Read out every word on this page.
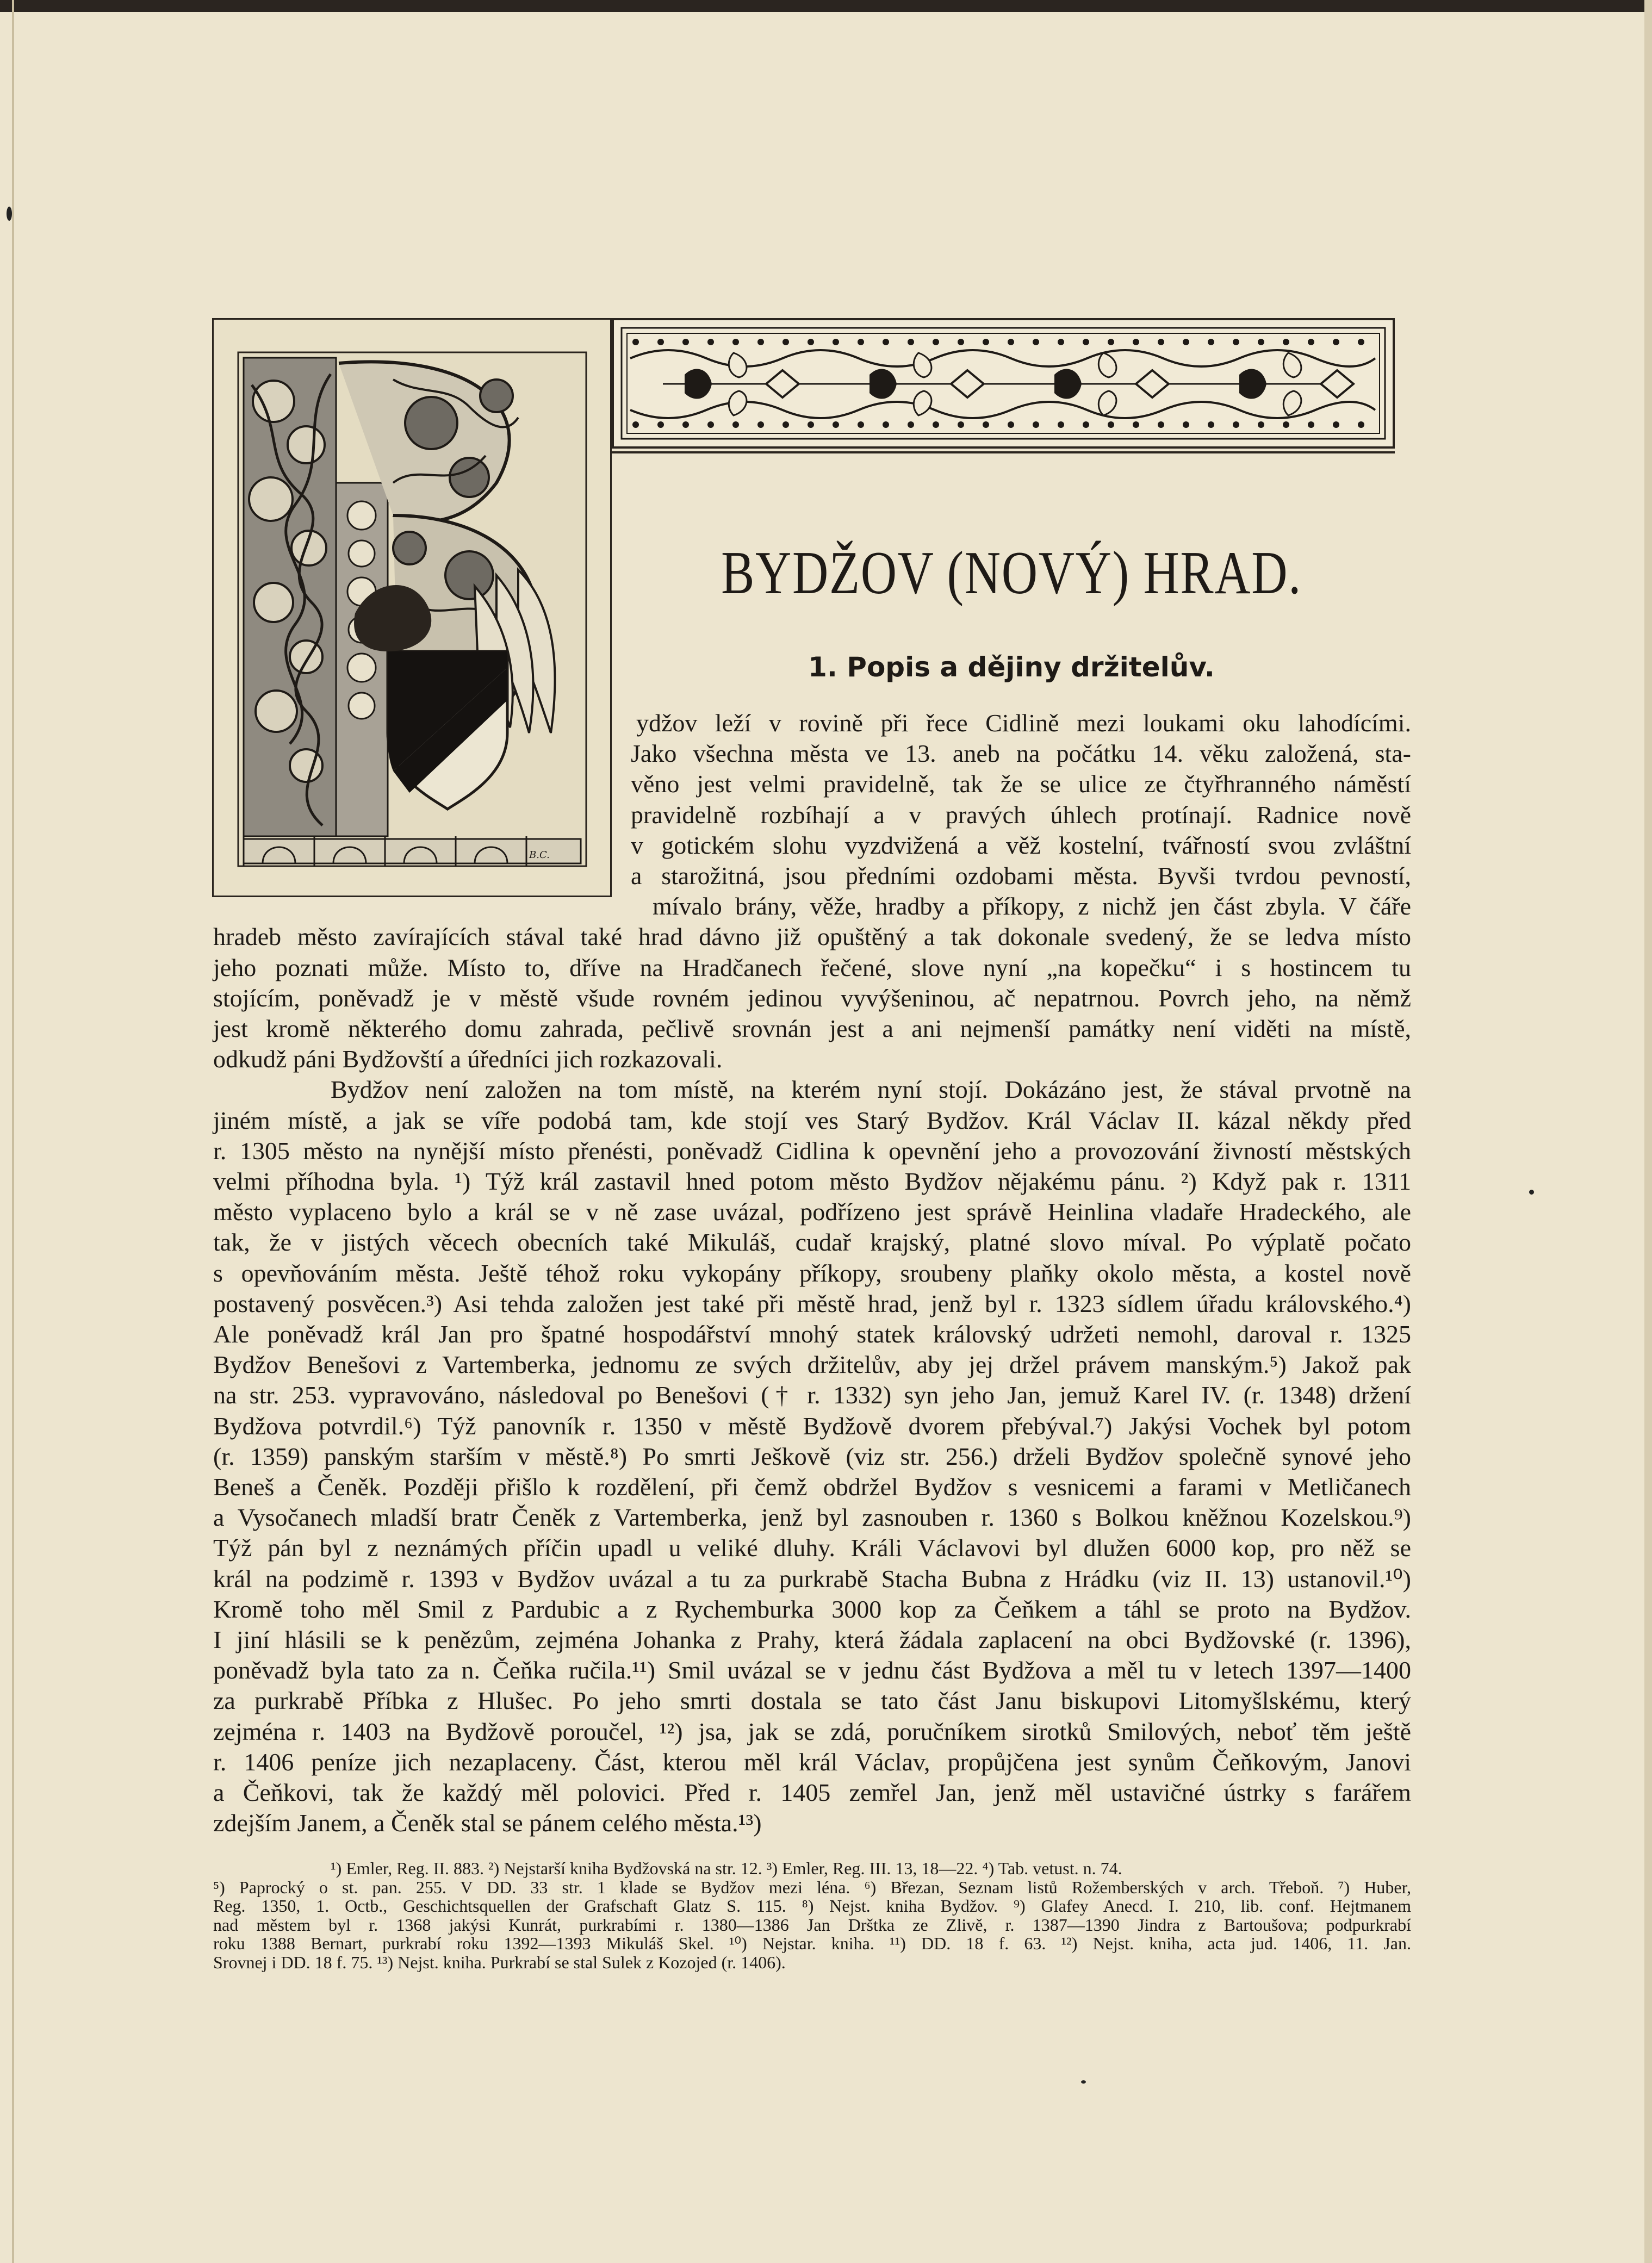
B.C.
BYDŽOV (NOVÝ) HRAD.
1. Popis a dějiny držitelův.

ydžov leží v rovině při řece Cidlině mezi loukami oku lahodícími.

Jako všechna města ve 13. aneb na počátku 14. věku založená, sta-

věno jest velmi pravidelně, tak že se ulice ze čtyřhranného náměstí

pravidelně rozbíhají a v pravých úhlech protínají. Radnice nově

v gotickém slohu vyzdvižená a věž kostelní, tvářností svou zvláštní

a starožitná, jsou předními ozdobami města. Byvši tvrdou pevností,

mívalo brány, věže, hradby a příkopy, z nichž jen část zbyla. V čáře

hradeb město zavírajících stával také hrad dávno již opuštěný a tak dokonale svedený, že se ledva místo

jeho poznati může. Místo to, dříve na Hradčanech řečené, slove nyní „na kopečku“ i s hostincem tu

stojícím, poněvadž je v městě všude rovném jedinou vyvýšeninou, ač nepatrnou. Povrch jeho, na němž

jest kromě některého domu zahrada, pečlivě srovnán jest a ani nejmenší památky není viděti na místě,

odkudž páni Bydžovští a úředníci jich rozkazovali.

Bydžov není založen na tom místě, na kterém nyní stojí. Dokázáno jest, že stával prvotně na

jiném místě, a jak se víře podobá tam, kde stojí ves Starý Bydžov. Král Václav II. kázal někdy před

r. 1305 město na nynější místo přenésti, poněvadž Cidlina k opevnění jeho a provozování živností městských

velmi příhodna byla. ¹) Týž král zastavil hned potom město Bydžov nějakému pánu. ²) Když pak r. 1311

město vyplaceno bylo a král se v ně zase uvázal, podřízeno jest správě Heinlina vladaře Hradeckého, ale

tak, že v jistých věcech obecních také Mikuláš, cudař krajský, platné slovo míval. Po výplatě počato

s opevňováním města. Ještě téhož roku vykopány příkopy, sroubeny plaňky okolo města, a kostel nově

postavený posvěcen.³) Asi tehda založen jest také při městě hrad, jenž byl r. 1323 sídlem úřadu královského.⁴)

Ale poněvadž král Jan pro špatné hospodářství mnohý statek královský udržeti nemohl, daroval r. 1325

Bydžov Benešovi z Vartemberka, jednomu ze svých držitelův, aby jej držel právem manským.⁵) Jakož pak

na str. 253. vypravováno, následoval po Benešovi († r. 1332) syn jeho Jan, jemuž Karel IV. (r. 1348) držení

Bydžova potvrdil.⁶) Týž panovník r. 1350 v městě Bydžově dvorem přebýval.⁷) Jakýsi Vochek byl potom

(r. 1359) panským starším v městě.⁸) Po smrti Ješkově (viz str. 256.) drželi Bydžov společně synové jeho

Beneš a Čeněk. Později přišlo k rozdělení, při čemž obdržel Bydžov s vesnicemi a farami v Metličanech

a Vysočanech mladší bratr Čeněk z Vartemberka, jenž byl zasnouben r. 1360 s Bolkou kněžnou Kozelskou.⁹)

Týž pán byl z neznámých příčin upadl u veliké dluhy. Králi Václavovi byl dlužen 6000 kop, pro něž se

král na podzimě r. 1393 v Bydžov uvázal a tu za purkrabě Stacha Bubna z Hrádku (viz II. 13) ustanovil.¹⁰)

Kromě toho měl Smil z Pardubic a z Rychemburka 3000 kop za Čeňkem a táhl se proto na Bydžov.

I jiní hlásili se k penězům, zejména Johanka z Prahy, která žádala zaplacení na obci Bydžovské (r. 1396),

poněvadž byla tato za n. Čeňka ručila.¹¹) Smil uvázal se v jednu část Bydžova a měl tu v letech 1397—1400

za purkrabě Příbka z Hlušec. Po jeho smrti dostala se tato část Janu biskupovi Litomyšlskému, který

zejména r. 1403 na Bydžově poroučel, ¹²) jsa, jak se zdá, poručníkem sirotků Smilových, neboť těm ještě

r. 1406 peníze jich nezaplaceny. Část, kterou měl král Václav, propůjčena jest synům Čeňkovým, Janovi

a Čeňkovi, tak že každý měl polovici. Před r. 1405 zemřel Jan, jenž měl ustavičné ústrky s farářem

zdejším Janem, a Čeněk stal se pánem celého města.¹³)

¹) Emler, Reg. II. 883. ²) Nejstarší kniha Bydžovská na str. 12. ³) Emler, Reg. III. 13, 18—22. ⁴) Tab. vetust. n. 74.

⁵) Paprocký o st. pan. 255. V DD. 33 str. 1 klade se Bydžov mezi léna. ⁶) Březan, Seznam listů Rožemberských v arch. Třeboň. ⁷) Huber,

Reg. 1350, 1. Octb., Geschichtsquellen der Grafschaft Glatz S. 115. ⁸) Nejst. kniha Bydžov. ⁹) Glafey Anecd. I. 210, lib. conf. Hejtmanem

nad městem byl r. 1368 jakýsi Kunrát, purkrabími r. 1380—1386 Jan Drštka ze Zlivě, r. 1387—1390 Jindra z Bartoušova; podpurkrabí

roku 1388 Bernart, purkrabí roku 1392—1393 Mikuláš Skel. ¹⁰) Nejstar. kniha. ¹¹) DD. 18 f. 63. ¹²) Nejst. kniha, acta jud. 1406, 11. Jan.

Srovnej i DD. 18 f. 75. ¹³) Nejst. kniha. Purkrabí se stal Sulek z Kozojed (r. 1406).
